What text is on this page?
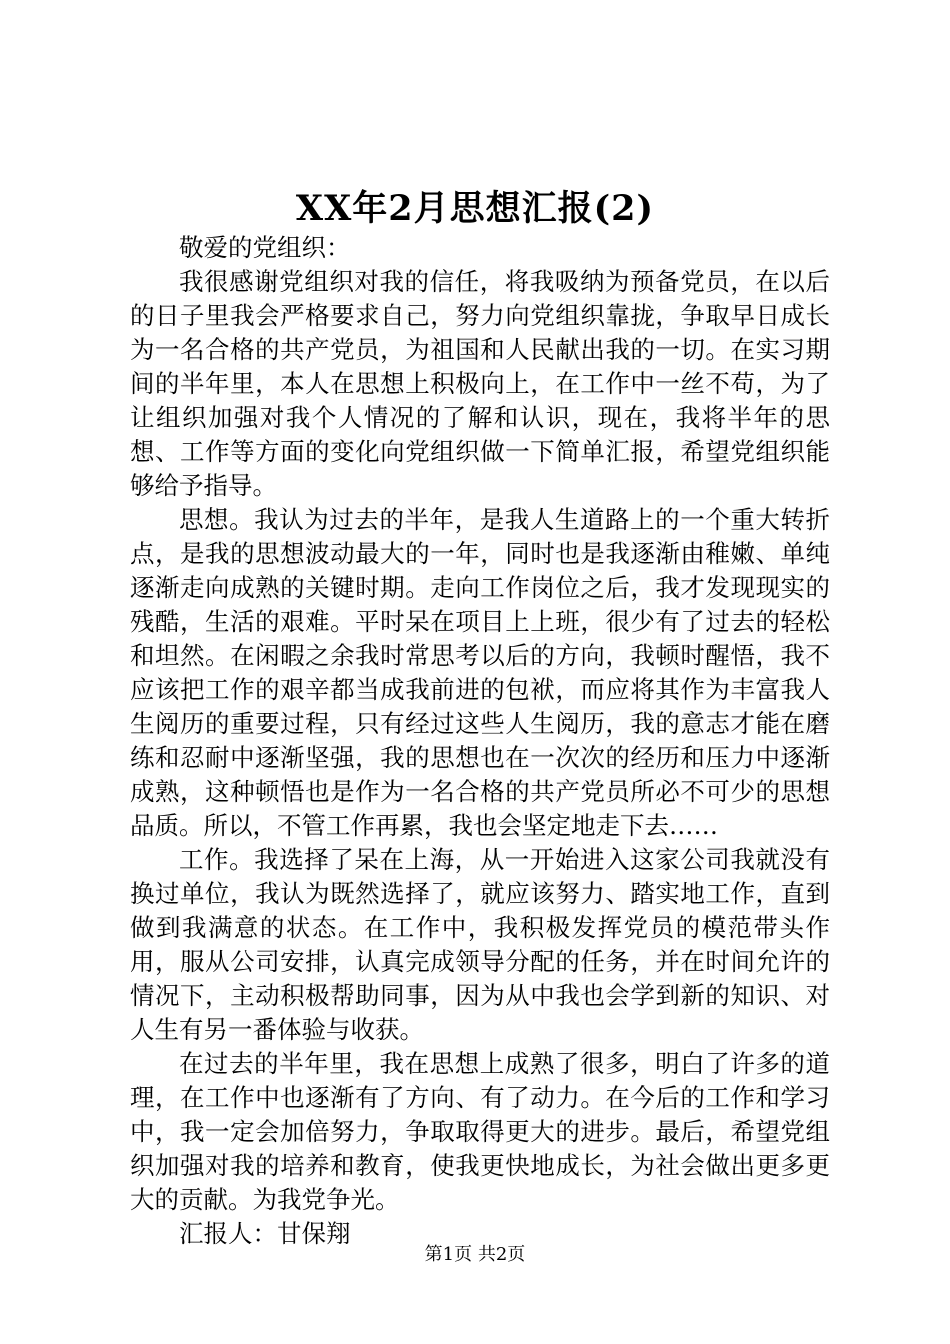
XX年2月思想汇报(2)

敬爱的党组织：

我很感谢党组织对我的信任，将我吸纳为预备党员，在以后的日子里我会严格要求自己，努力向党组织靠拢，争取早日成长为一名合格的共产党员，为祖国和人民献出我的一切。在实习期间的半年里，本人在思想上积极向上，在工作中一丝不苟，为了让组织加强对我个人情况的了解和认识，现在，我将半年的思想、工作等方面的变化向党组织做一下简单汇报，希望党组织能够给予指导。

思想。我认为过去的半年，是我人生道路上的一个重大转折点，是我的思想波动最大的一年，同时也是我逐渐由稚嫩、单纯逐渐走向成熟的关键时期。走向工作岗位之后，我才发现现实的残酷，生活的艰难。平时呆在项目上上班，很少有了过去的轻松和坦然。在闲暇之余我时常思考以后的方向，我顿时醒悟，我不应该把工作的艰辛都当成我前进的包袱，而应将其作为丰富我人生阅历的重要过程，只有经过这些人生阅历，我的意志才能在磨练和忍耐中逐渐坚强，我的思想也在一次次的经历和压力中逐渐成熟，这种顿悟也是作为一名合格的共产党员所必不可少的思想品质。所以，不管工作再累，我也会坚定地走下去……

工作。我选择了呆在上海，从一开始进入这家公司我就没有换过单位，我认为既然选择了，就应该努力、踏实地工作，直到做到我满意的状态。在工作中，我积极发挥党员的模范带头作用，服从公司安排，认真完成领导分配的任务，并在时间允许的情况下，主动积极帮助同事，因为从中我也会学到新的知识、对人生有另一番体验与收获。

在过去的半年里，我在思想上成熟了很多，明白了许多的道理，在工作中也逐渐有了方向、有了动力。在今后的工作和学习中，我一定会加倍努力，争取取得更大的进步。最后，希望党组织加强对我的培养和教育，使我更快地成长，为社会做出更多更大的贡献。为我党争光。

汇报人：甘保翔

第1页 共2页
